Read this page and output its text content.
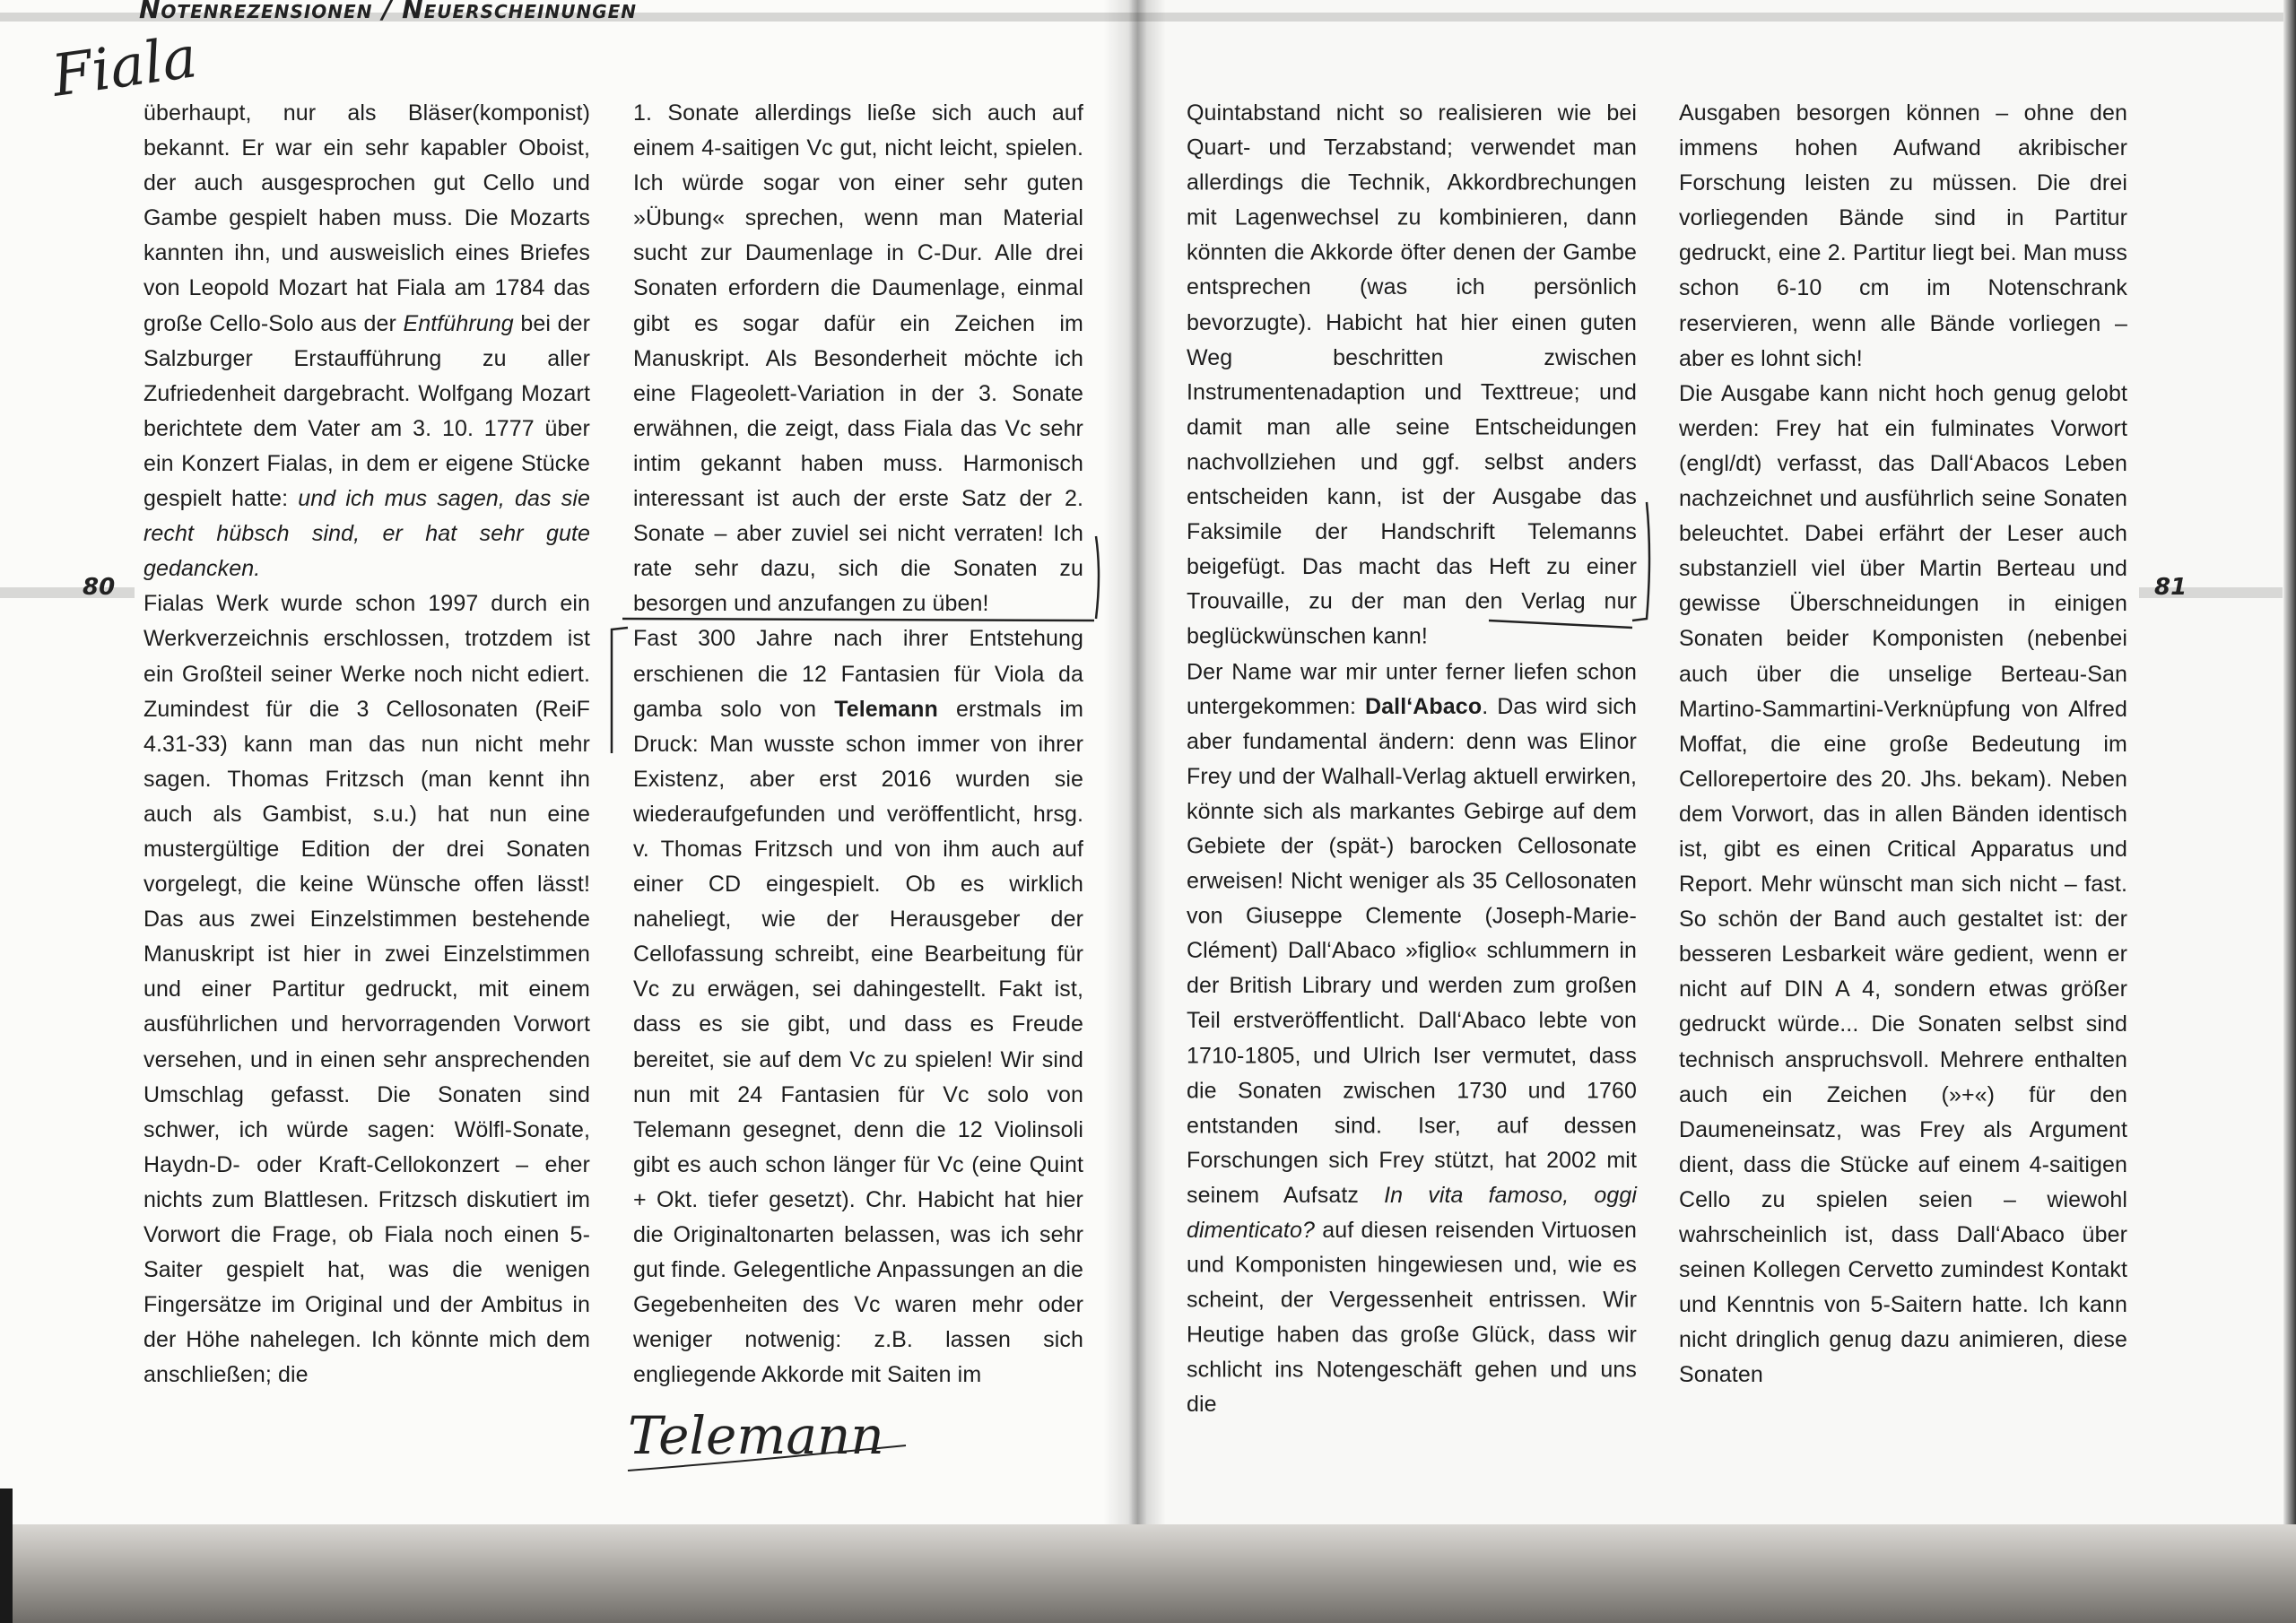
Notenrezensionen / Neuerscheinungen
80

überhaupt, nur als Bläser(komponist) bekannt. Er war ein sehr kapabler Oboist, der auch ausgesprochen gut Cello und Gambe gespielt haben muss. Die Mozarts kannten ihn, und ausweislich eines Briefes von Leopold Mozart hat Fiala am 1784 das große Cello-Solo aus der Entführung bei der Salzburger Erstaufführung zu aller Zufriedenheit dargebracht. Wolfgang Mozart berichtete dem Vater am 3. 10. 1777 über ein Konzert Fialas, in dem er eigene Stücke gespielt hatte: und ich mus sagen, das sie recht hübsch sind, er hat sehr gute gedancken.

Fialas Werk wurde schon 1997 durch ein Werkverzeichnis erschlossen, trotzdem ist ein Großteil seiner Werke noch nicht ediert. Zumindest für die 3 Cellosonaten (ReiF 4.31-33) kann man das nun nicht mehr sagen. Thomas Fritzsch (man kennt ihn auch als Gambist, s.u.) hat nun eine mustergültige Edition der drei Sonaten vorgelegt, die keine Wünsche offen lässt! Das aus zwei Einzelstimmen bestehende Manuskript ist hier in zwei Einzelstimmen und einer Partitur gedruckt, mit einem ausführlichen und hervorragenden Vorwort versehen, und in einen sehr ansprechenden Umschlag gefasst. Die Sonaten sind schwer, ich würde sagen: Wölfl-Sonate, Haydn-D- oder Kraft-Cellokonzert – eher nichts zum Blattlesen. Fritzsch diskutiert im Vorwort die Frage, ob Fiala noch einen 5-Saiter gespielt hat, was die wenigen Fingersätze im Original und der Ambitus in der Höhe nahelegen. Ich könnte mich dem anschließen; die

1. Sonate allerdings ließe sich auch auf einem 4-saitigen Vc gut, nicht leicht, spielen. Ich würde sogar von einer sehr guten »Übung« sprechen, wenn man Material sucht zur Daumenlage in C-Dur. Alle drei Sonaten erfordern die Daumenlage, einmal gibt es sogar dafür ein Zeichen im Manuskript. Als Besonderheit möchte ich eine Flageolett-Variation in der 3. Sonate erwähnen, die zeigt, dass Fiala das Vc sehr intim gekannt haben muss. Harmonisch interessant ist auch der erste Satz der 2. Sonate – aber zuviel sei nicht verraten! Ich rate sehr dazu, sich die Sonaten zu besorgen und anzufangen zu üben!

Fast 300 Jahre nach ihrer Entstehung erschienen die 12 Fantasien für Viola da gamba solo von Telemann erstmals im Druck: Man wusste schon immer von ihrer Existenz, aber erst 2016 wurden sie wiederaufgefunden und veröffentlicht, hrsg. v. Thomas Fritzsch und von ihm auch auf einer CD eingespielt. Ob es wirklich naheliegt, wie der Herausgeber der Cellofassung schreibt, eine Bearbeitung für Vc zu erwägen, sei dahingestellt. Fakt ist, dass es sie gibt, und dass es Freude bereitet, sie auf dem Vc zu spielen! Wir sind nun mit 24 Fantasien für Vc solo von Telemann gesegnet, denn die 12 Violinsoli gibt es auch schon länger für Vc (eine Quint + Okt. tiefer gesetzt). Chr. Habicht hat hier die Originaltonarten belassen, was ich sehr gut finde. Gelegentliche Anpassungen an die Gegebenheiten des Vc waren mehr oder weniger notwenig: z.B. lassen sich engliegende Akkorde mit Saiten im

Fiala
Telemann
81

Quintabstand nicht so realisieren wie bei Quart- und Terzabstand; verwendet man allerdings die Technik, Akkordbrechungen mit Lagenwechsel zu kombinieren, dann könnten die Akkorde öfter denen der Gambe entsprechen (was ich persönlich bevorzugte). Habicht hat hier einen guten Weg beschritten zwischen Instrumentenadaption und Texttreue; und damit man alle seine Entscheidungen nachvollziehen und ggf. selbst anders entscheiden kann, ist der Ausgabe das Faksimile der Handschrift Telemanns beigefügt. Das macht das Heft zu einer Trouvaille, zu der man den Verlag nur beglückwünschen kann!

Der Name war mir unter ferner liefen schon untergekommen: Dall‘Abaco. Das wird sich aber fundamental ändern: denn was Elinor Frey und der Walhall-Verlag aktuell erwirken, könnte sich als markantes Gebirge auf dem Gebiete der (spät-) barocken Cellosonate erweisen! Nicht weniger als 35 Cellosonaten von Giuseppe Clemente (Joseph-Marie-Clément) Dall‘Abaco »figlio« schlummern in der British Library und werden zum großen Teil erstveröffentlicht. Dall‘Abaco lebte von 1710-1805, und Ulrich Iser vermutet, dass die Sonaten zwischen 1730 und 1760 entstanden sind. Iser, auf dessen Forschungen sich Frey stützt, hat 2002 mit seinem Aufsatz In vita famoso, oggi dimenticato? auf diesen reisenden Virtuosen und Komponisten hingewiesen und, wie es scheint, der Vergessenheit entrissen. Wir Heutige haben das große Glück, dass wir schlicht ins Notengeschäft gehen und uns die

Ausgaben besorgen können – ohne den immens hohen Aufwand akribischer Forschung leisten zu müssen. Die drei vorliegenden Bände sind in Partitur gedruckt, eine 2. Partitur liegt bei. Man muss schon 6-10 cm im Notenschrank reservieren, wenn alle Bände vorliegen – aber es lohnt sich!

Die Ausgabe kann nicht hoch genug gelobt werden: Frey hat ein fulminates Vorwort (engl/dt) verfasst, das Dall‘Abacos Leben nachzeichnet und ausführlich seine Sonaten beleuchtet. Dabei erfährt der Leser auch substanziell viel über Martin Berteau und gewisse Überschneidungen in einigen Sonaten beider Komponisten (nebenbei auch über die unselige Berteau-San Martino-Sammartini-Verknüpfung von Alfred Moffat, die eine große Bedeutung im Cellorepertoire des 20. Jhs. bekam). Neben dem Vorwort, das in allen Bänden identisch ist, gibt es einen Critical Apparatus und Report. Mehr wünscht man sich nicht – fast. So schön der Band auch gestaltet ist: der besseren Lesbarkeit wäre gedient, wenn er nicht auf DIN A 4, sondern etwas größer gedruckt würde... Die Sonaten selbst sind technisch anspruchsvoll. Mehrere enthalten auch ein Zeichen (»+«) für den Daumeneinsatz, was Frey als Argument dient, dass die Stücke auf einem 4-saitigen Cello zu spielen seien – wiewohl wahrscheinlich ist, dass Dall‘Abaco über seinen Kollegen Cervetto zumindest Kontakt und Kenntnis von 5-Saitern hatte. Ich kann nicht dringlich genug dazu animieren, diese Sonaten
